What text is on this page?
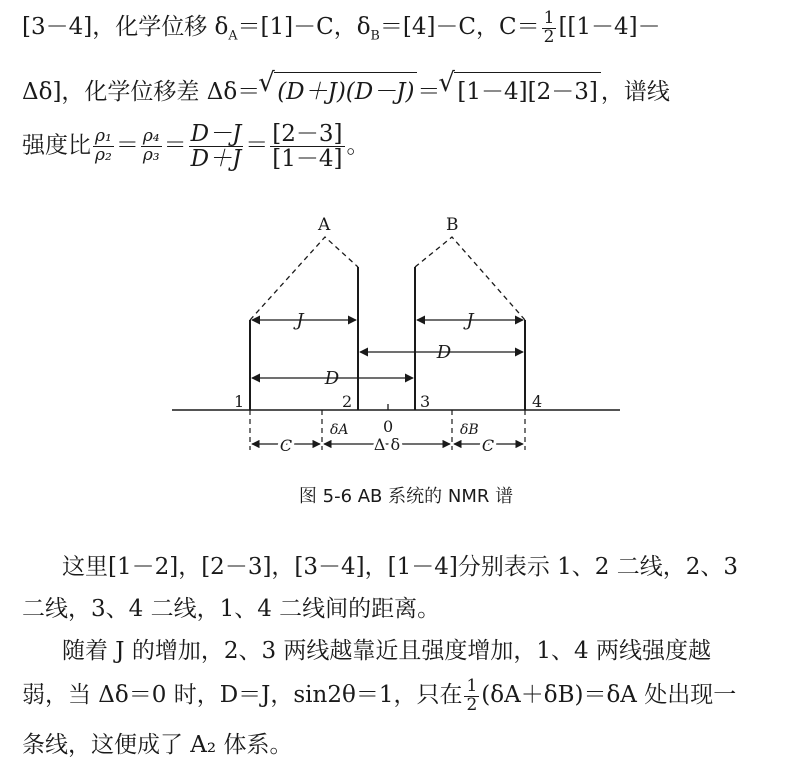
[3－4]，化学位移 $\delta_A=[1]-C$，$\delta_B=[4]-C$，$C= \frac{1}{2} [[1-4]-$
Δδ]，化学位移差 Δδ＝ √ (D＋J)(D－J) ＝ √ [1－4][2－3] ，谱线
强度比 $\frac{\text{ρ₁}}{\text{ρ₂}} = \frac{\text{ρ₄}}{\text{ρ₃}} = \frac{D-J}{D+J} = \frac{[2-3]}{[1-4]}$ 。
A	B
J	J
D
D
1	2	3	4
0
δA	δB
Δ δ
C	C
图 5-6 AB 系统的 NMR 谱
这里[1－2]，[2－3]，[3－4]，[1－4]分别表示 1、2 二线，2、3
二线，3、4 二线，1、4 二线间的距离。
随着 J 的增加，2、3 两线越靠近且强度增加，1、4 两线强度越
弱，当 Δδ＝0 时，D＝J，sin2θ＝1，只在 $\frac{1}{2} (\delta A+\delta B)=\delta A$ 处出现一
条线，这便成了 A₂ 体系。
